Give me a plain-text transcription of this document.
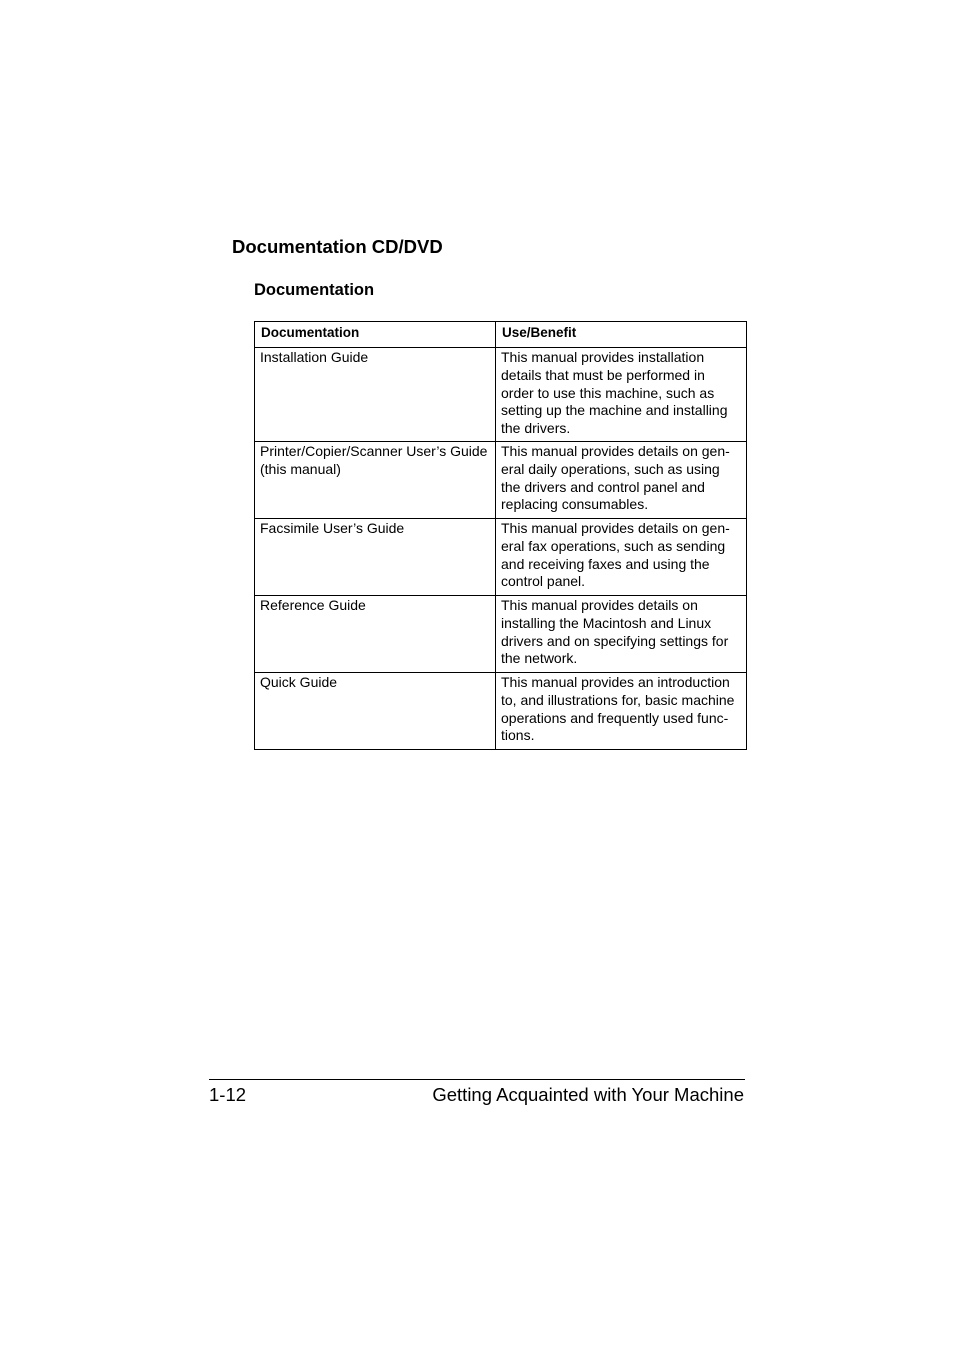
Documentation CD/DVD
Documentation
Documentation	Use/Benefit
Installation Guide	This manual provides installation
details that must be performed in
order to use this machine, such as
setting up the machine and installing
the drivers.
Printer/Copier/Scanner User’s Guide
(this manual)	This manual provides details on gen-
eral daily operations, such as using
the drivers and control panel and
replacing consumables.
Facsimile User’s Guide	This manual provides details on gen-
eral fax operations, such as sending
and receiving faxes and using the
control panel.
Reference Guide	This manual provides details on
installing the Macintosh and Linux
drivers and on specifying settings for
the network.
Quick Guide	This manual provides an introduction
to, and illustrations for, basic machine
operations and frequently used func-
tions.
1-12	Getting Acquainted with Your Machine
